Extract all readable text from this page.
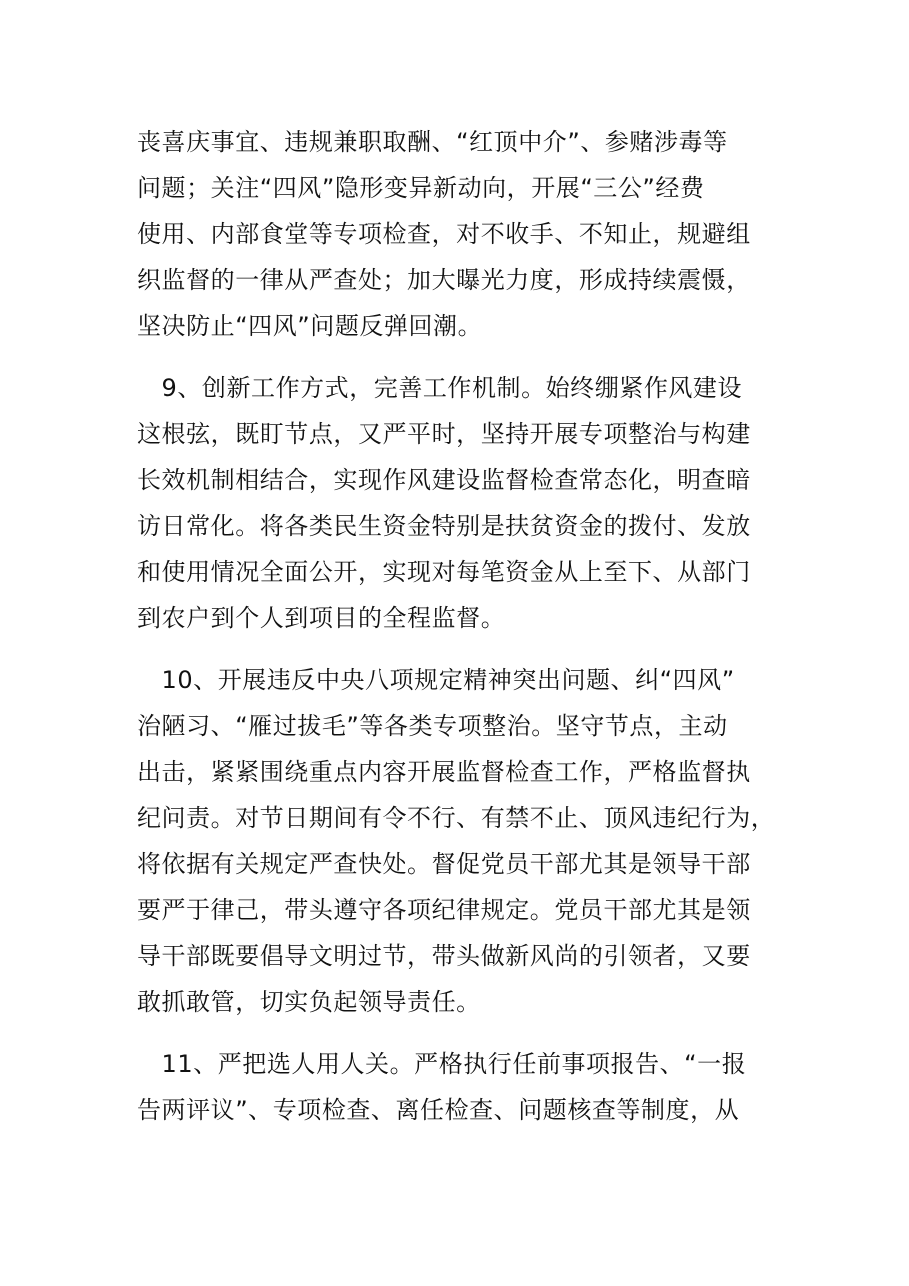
丧喜庆事宜、违规兼职取酬、“红顶中介”、参赌涉毒等

问题；关注“四风”隐形变异新动向，开展“三公”经费

使用、内部食堂等专项检查，对不收手、不知止，规避组

织监督的一律从严查处；加大曝光力度，形成持续震慑，

坚决防止“四风”问题反弹回潮。

　9、创新工作方式，完善工作机制。始终绷紧作风建设

这根弦，既盯节点，又严平时，坚持开展专项整治与构建

长效机制相结合，实现作风建设监督检查常态化，明查暗

访日常化。将各类民生资金特别是扶贫资金的拨付、发放

和使用情况全面公开，实现对每笔资金从上至下、从部门

到农户到个人到项目的全程监督。

　10、开展违反中央八项规定精神突出问题、纠“四风”

治陋习、“雁过拔毛”等各类专项整治。坚守节点，主动

出击，紧紧围绕重点内容开展监督检查工作，严格监督执

纪问责。对节日期间有令不行、有禁不止、顶风违纪行为，

将依据有关规定严查快处。督促党员干部尤其是领导干部

要严于律己，带头遵守各项纪律规定。党员干部尤其是领

导干部既要倡导文明过节，带头做新风尚的引领者，又要

敢抓敢管，切实负起领导责任。

　11、严把选人用人关。严格执行任前事项报告、“一报

告两评议”、专项检查、离任检查、问题核查等制度，从
